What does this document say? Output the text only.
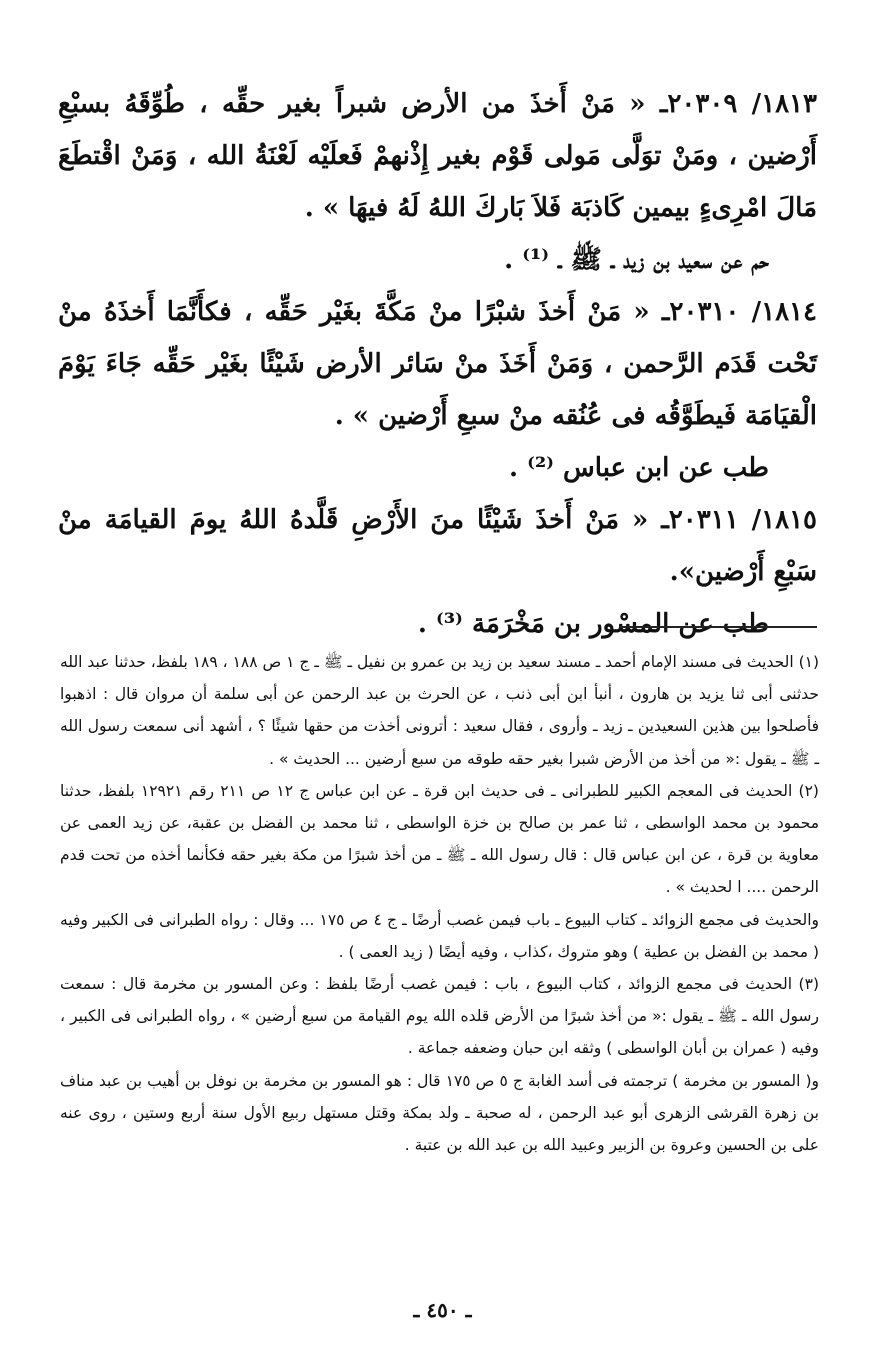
١٨١٣/ ٢٠٣٠٩ـ « مَنْ أَخذَ من الأرض شبراً بغير حقِّه ، طُوِّقَهُ بسبْعِ أَرْضين ، ومَنْ توَلَّى مَولى قَوْم بغير إِذْنهمْ فَعلَيْه لَعْنَةُ الله ، وَمَنْ اقْتطَعَ مَالَ امْرِىءٍ بيمين كَاذبَة فَلاَ بَاركَ اللهُ لَهُ فيهَا » .

حم عن سعيد بن زيد ـ ﷺ ـ ⁽¹⁾ .

١٨١٤/ ٢٠٣١٠ـ « مَنْ أَخذَ شبْرًا منْ مَكَّةَ بغَيْر حَقِّه ، فكأَنَّمَا أَخذَهُ منْ تَحْت قَدَم الرَّحمن ، وَمَنْ أَخَذَ منْ سَائر الأرض شَيْئًا بغَيْر حَقِّه جَاءَ يَوْمَ الْقيَامَة فَيطَوَّقُه فى عُنُقه منْ سبعِ أَرْضين » .

طب عن ابن عباس ⁽²⁾ .

١٨١٥/ ٢٠٣١١ـ « مَنْ أَخذَ شَيْئًا منَ الأَرْضِ قَلَّدهُ اللهُ يومَ القيامَة منْ سَبْعِ أَرْضين».

طب عن المسْور بن مَخْرَمَة ⁽³⁾ .

(١) الحديث فى مسند الإمام أحمد ـ مسند سعيد بن زيد بن عمرو بن نفيل ـ ﷺ ـ ج ١ ص ١٨٨ ، ١٨٩ بلفظ، حدثنا عبد الله حدثنى أبى ثنا يزيد بن هارون ، أنبأ ابن أبى ذنب ، عن الحرث بن عبد الرحمن عن أبى سلمة أن مروان قال : اذهبوا فأصلحوا بين هذين السعيدين ـ زيد ـ وأروى ، فقال سعيد : أترونى أخذت من حقها شيئًا ؟ ، أشهد أنى سمعت رسول الله ـ ﷺ ـ يقول :« من أخذ من الأرض شبرا بغير حقه طوقه من سبع أرضين ... الحديث » .

(٢) الحديث فى المعجم الكبير للطبرانى ـ فى حديث ابن قرة ـ عن ابن عباس ج ١٢ ص ٢١١ رقم ١٢٩٢١ بلفظ، حدثنا محمود بن محمد الواسطى ، ثنا عمر بن صالح بن خزة الواسطى ، ثنا محمد بن الفضل بن عقبة، عن زيد العمى عن معاوية بن قرة ، عن ابن عباس قال : قال رسول الله ـ ﷺ ـ من أخذ شبرًا من مكة بغير حقه فكأنما أخذه من تحت قدم الرحمن .... ا لحديث » .

والحديث فى مجمع الزوائد ـ كتاب البيوع ـ باب فيمن غصب أرضًا ـ ج ٤ ص ١٧٥ ... وقال : رواه الطبرانى فى الكبير وفيه ( محمد بن الفضل بن عطية ) وهو متروك ،كذاب ، وفيه أيضًا ( زيد العمى ) .

(٣) الحديث فى مجمع الزوائد ، كتاب البيوع ، باب : فيمن غصب أرضًا بلفظ : وعن المسور بن مخرمة قال : سمعت رسول الله ـ ﷺ ـ يقول :« من أخذ شبرًا من الأرض قلده الله يوم القيامة من سبع أرضين » ، رواه الطبرانى فى الكبير ، وفيه ( عمران بن أبان الواسطى ) وثقه ابن حبان وضعفه جماعة .

و( المسور بن مخرمة ) ترجمته فى أسد الغابة ج ٥ ص ١٧٥ قال : هو المسور بن مخرمة بن نوفل بن أهيب بن عبد مناف بن زهرة القرشى الزهرى أبو عبد الرحمن ، له صحبة ـ ولد بمكة وقتل مستهل ربيع الأول سنة أربع وستين ، روى عنه على بن الحسين وعروة بن الزبير وعبيد الله بن عبد الله بن عتبة .

ـ ٤٥٠ ـ
